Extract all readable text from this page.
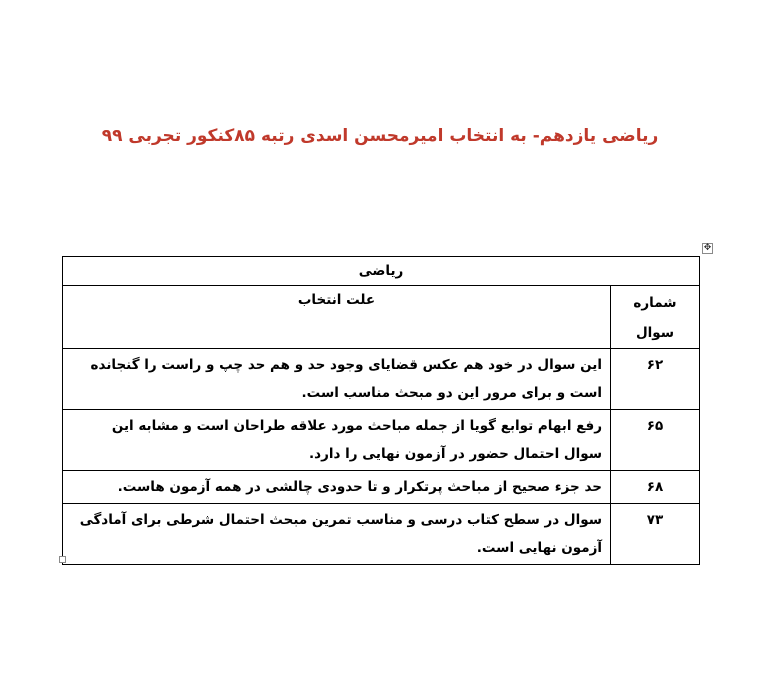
ریاضی یازدهم- به انتخاب امیرمحسن اسدی رتبه ۸۵کنکور تجربی ۹۹
✥
ریاضی	

شماره سوال	علت انتخاب
۶۲	این سوال در خود هم عکس قضایای وجود حد و هم حد چپ و راست را گنجانده است و برای مرور این دو مبحث مناسب است.
۶۵	رفع ابهام توابع گویا از جمله مباحث مورد علاقه طراحان است و مشابه این سوال احتمال حضور در آزمون نهایی را دارد.
۶۸	حد جزء صحیح از مباحث پرتکرار و تا حدودی چالشی در همه آزمون هاست.
۷۳	سوال در سطح کتاب درسی و مناسب تمرین مبحث احتمال شرطی برای آمادگی آزمون نهایی است.
